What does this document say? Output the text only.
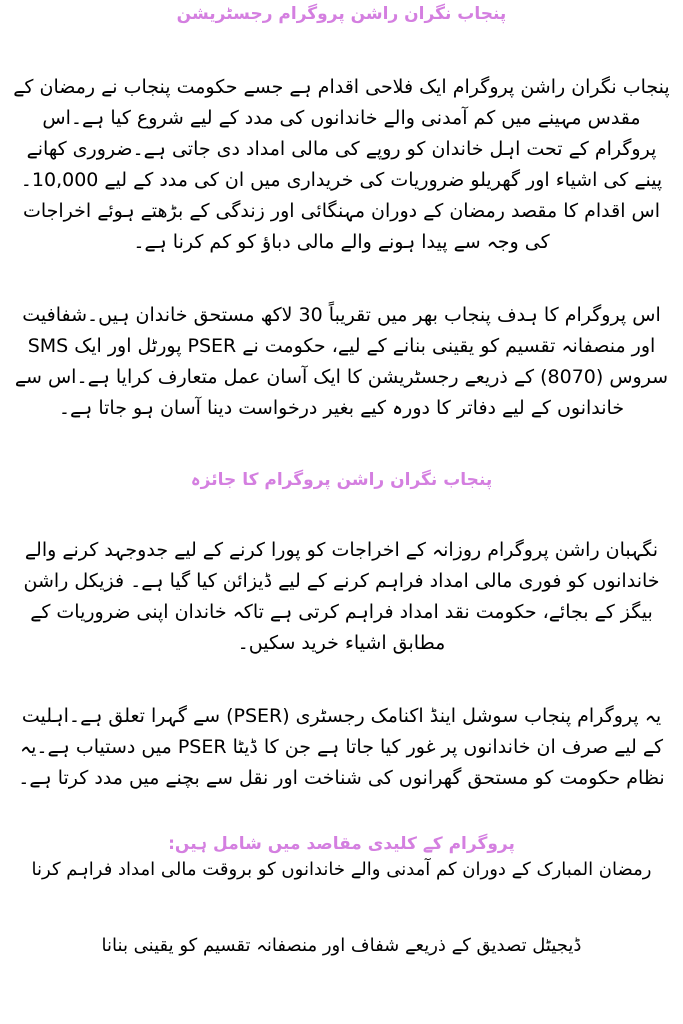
پنجاب نگران راشن پروگرام رجسٹریشن

پنجاب نگران راشن پروگرام ایک فلاحی اقدام ہے جسے حکومت پنجاب نے رمضان کے مقدس مہینے میں کم آمدنی والے خاندانوں کی مدد کے لیے شروع کیا ہے۔اس پروگرام کے تحت اہل خاندان کو روپے کی مالی امداد دی جاتی ہے۔ضروری کھانے پینے کی اشیاء اور گھریلو ضروریات کی خریداری میں ان کی مدد کے لیے 10,000۔اس اقدام کا مقصد رمضان کے دوران مہنگائی اور زندگی کے بڑھتے ہوئے اخراجات کی وجہ سے پیدا ہونے والے مالی دباؤ کو کم کرنا ہے۔

اس پروگرام کا ہدف پنجاب بھر میں تقریباً 30 لاکھ مستحق خاندان ہیں۔شفافیت اور منصفانہ تقسیم کو یقینی بنانے کے لیے، حکومت نے PSER پورٹل اور ایک SMS سروس (8070) کے ذریعے رجسٹریشن کا ایک آسان عمل متعارف کرایا ہے۔اس سے خاندانوں کے لیے دفاتر کا دورہ کیے بغیر درخواست دینا آسان ہو جاتا ہے۔

پنجاب نگران راشن پروگرام کا جائزہ

نگہبان راشن پروگرام روزانہ کے اخراجات کو پورا کرنے کے لیے جدوجہد کرنے والے خاندانوں کو فوری مالی امداد فراہم کرنے کے لیے ڈیزائن کیا گیا ہے۔ فزیکل راشن بیگز کے بجائے، حکومت نقد امداد فراہم کرتی ہے تاکہ خاندان اپنی ضروریات کے مطابق اشیاء خرید سکیں۔

یہ پروگرام پنجاب سوشل اینڈ اکنامک رجسٹری (PSER) سے گہرا تعلق ہے۔اہلیت کے لیے صرف ان خاندانوں پر غور کیا جاتا ہے جن کا ڈیٹا PSER میں دستیاب ہے۔یہ نظام حکومت کو مستحق گھرانوں کی شناخت اور نقل سے بچنے میں مدد کرتا ہے۔

پروگرام کے کلیدی مقاصد میں شامل ہیں:

رمضان المبارک کے دوران کم آمدنی والے خاندانوں کو بروقت مالی امداد فراہم کرنا

ڈیجیٹل تصدیق کے ذریعے شفاف اور منصفانہ تقسیم کو یقینی بنانا
